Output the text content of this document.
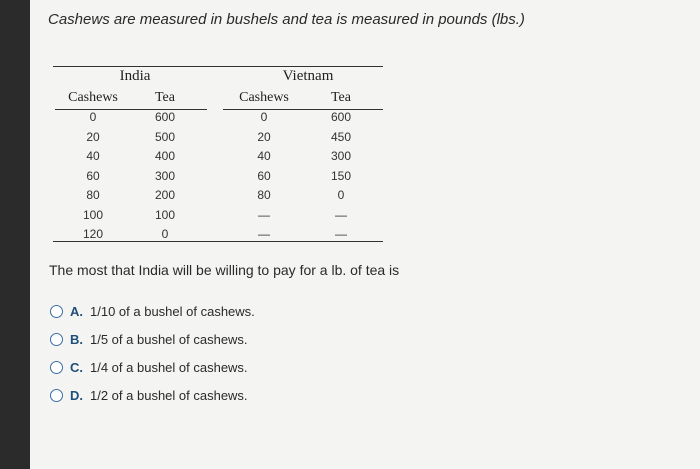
Cashews are measured in bushels and tea is measured in pounds (lbs.)
India	Vietnam
Cashews	Tea	Cashews	Tea
0	600	0	600
20	500	20	450
40	400	40	300
60	300	60	150
80	200	80	0
100	100	—	—
120	0	—	—
The most that India will be willing to pay for a lb. of tea is
A. 1/10 of a bushel of cashews.
B. 1/5 of a bushel of cashews.
C. 1/4 of a bushel of cashews.
D. 1/2 of a bushel of cashews.
